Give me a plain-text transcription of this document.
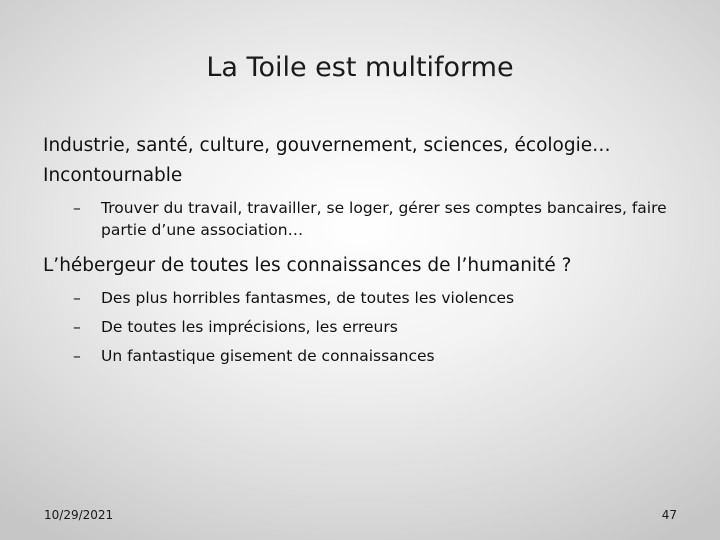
La Toile est multiforme

Industrie, santé, culture, gouvernement, sciences, écologie…

Incontournable

– Trouver du travail, travailler, se loger, gérer ses comptes bancaires, faire
partie d’une association…

L’hébergeur de toutes les connaissances de l’humanité ?

– Des plus horribles fantasmes, de toutes les violences
– De toutes les imprécisions, les erreurs
– Un fantastique gisement de connaissances
10/29/2021	47
